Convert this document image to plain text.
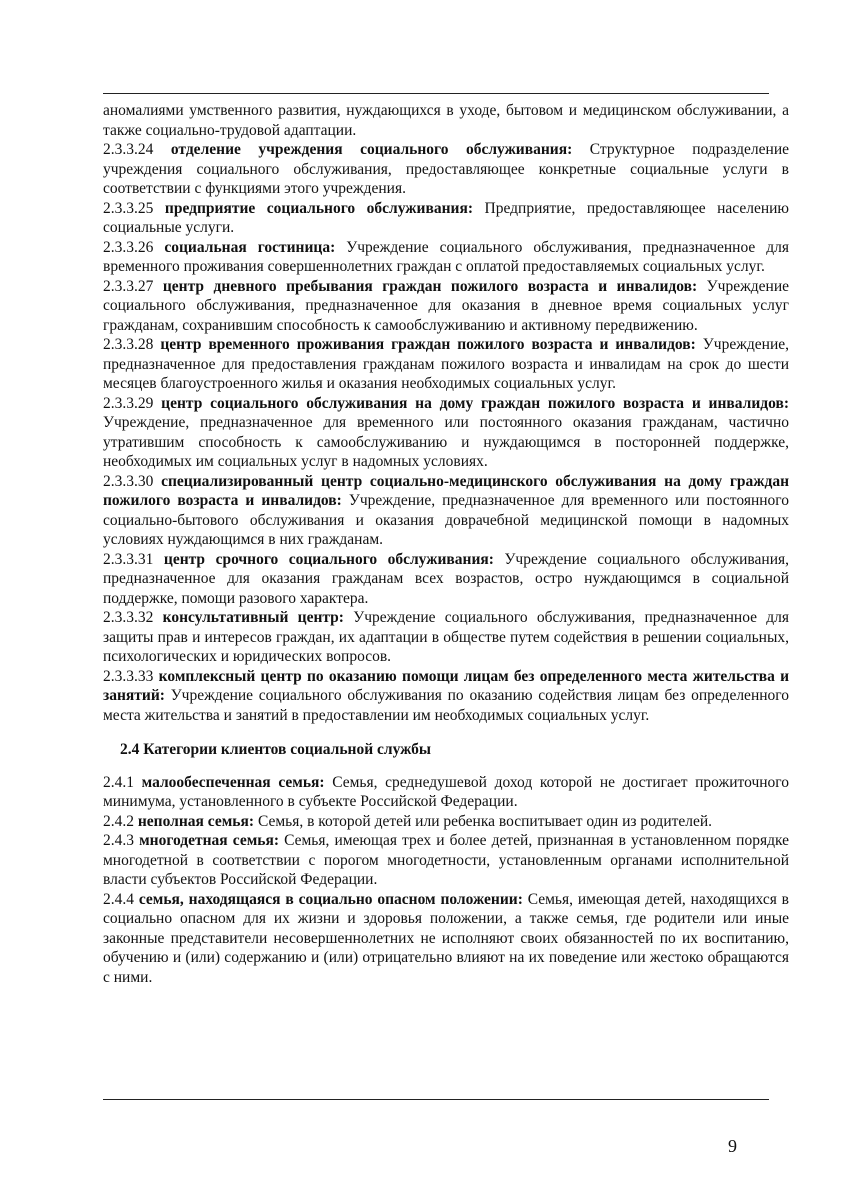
аномалиями умственного развития, нуждающихся в уходе, бытовом и медицинском обслуживании, а также социально-трудовой адаптации.

2.3.3.24 отделение учреждения социального обслуживания: Структурное подразделение учреждения социального обслуживания, предоставляющее конкретные социальные услуги в соответствии с функциями этого учреждения.

2.3.3.25 предприятие социального обслуживания: Предприятие, предоставляющее населению социальные услуги.

2.3.3.26 социальная гостиница: Учреждение социального обслуживания, предназначенное для временного проживания совершеннолетних граждан с оплатой предоставляемых социальных услуг.

2.3.3.27 центр дневного пребывания граждан пожилого возраста и инвалидов: Учреждение социального обслуживания, предназначенное для оказания в дневное время социальных услуг гражданам, сохранившим способность к самообслуживанию и активному передвижению.

2.3.3.28 центр временного проживания граждан пожилого возраста и инвалидов: Учреждение, предназначенное для предоставления гражданам пожилого возраста и инвалидам на срок до шести месяцев благоустроенного жилья и оказания необходимых социальных услуг.

2.3.3.29 центр социального обслуживания на дому граждан пожилого возраста и инвалидов: Учреждение, предназначенное для временного или постоянного оказания гражданам, частично утратившим способность к самообслуживанию и нуждающимся в посторонней поддержке, необходимых им социальных услуг в надомных условиях.

2.3.3.30 специализированный центр социально-медицинского обслуживания на дому граждан пожилого возраста и инвалидов: Учреждение, предназначенное для временного или постоянного социально-бытового обслуживания и оказания доврачебной медицинской помощи в надомных условиях нуждающимся в них гражданам.

2.3.3.31 центр срочного социального обслуживания: Учреждение социального обслуживания, предназначенное для оказания гражданам всех возрастов, остро нуждающимся в социальной поддержке, помощи разового характера.

2.3.3.32 консультативный центр: Учреждение социального обслуживания, предназначенное для защиты прав и интересов граждан, их адаптации в обществе путем содействия в решении социальных, психологических и юридических вопросов.

2.3.3.33 комплексный центр по оказанию помощи лицам без определенного места жительства и занятий: Учреждение социального обслуживания по оказанию содействия лицам без определенного места жительства и занятий в предоставлении им необходимых социальных услуг.

2.4 Категории клиентов социальной службы

2.4.1 малообеспеченная семья: Семья, среднедушевой доход которой не достигает прожиточного минимума, установленного в субъекте Российской Федерации.

2.4.2 неполная семья: Семья, в которой детей или ребенка воспитывает один из родителей.

2.4.3 многодетная семья: Семья, имеющая трех и более детей, признанная в установленном порядке многодетной в соответствии с порогом многодетности, установленным органами исполнительной власти субъектов Российской Федерации.

2.4.4 семья, находящаяся в социально опасном положении: Семья, имеющая детей, находящихся в социально опасном для их жизни и здоровья положении, а также семья, где родители или иные законные представители несовершеннолетних не исполняют своих обязанностей по их воспитанию, обучению и (или) содержанию и (или) отрицательно влияют на их поведение или жестоко обращаются с ними.

9
